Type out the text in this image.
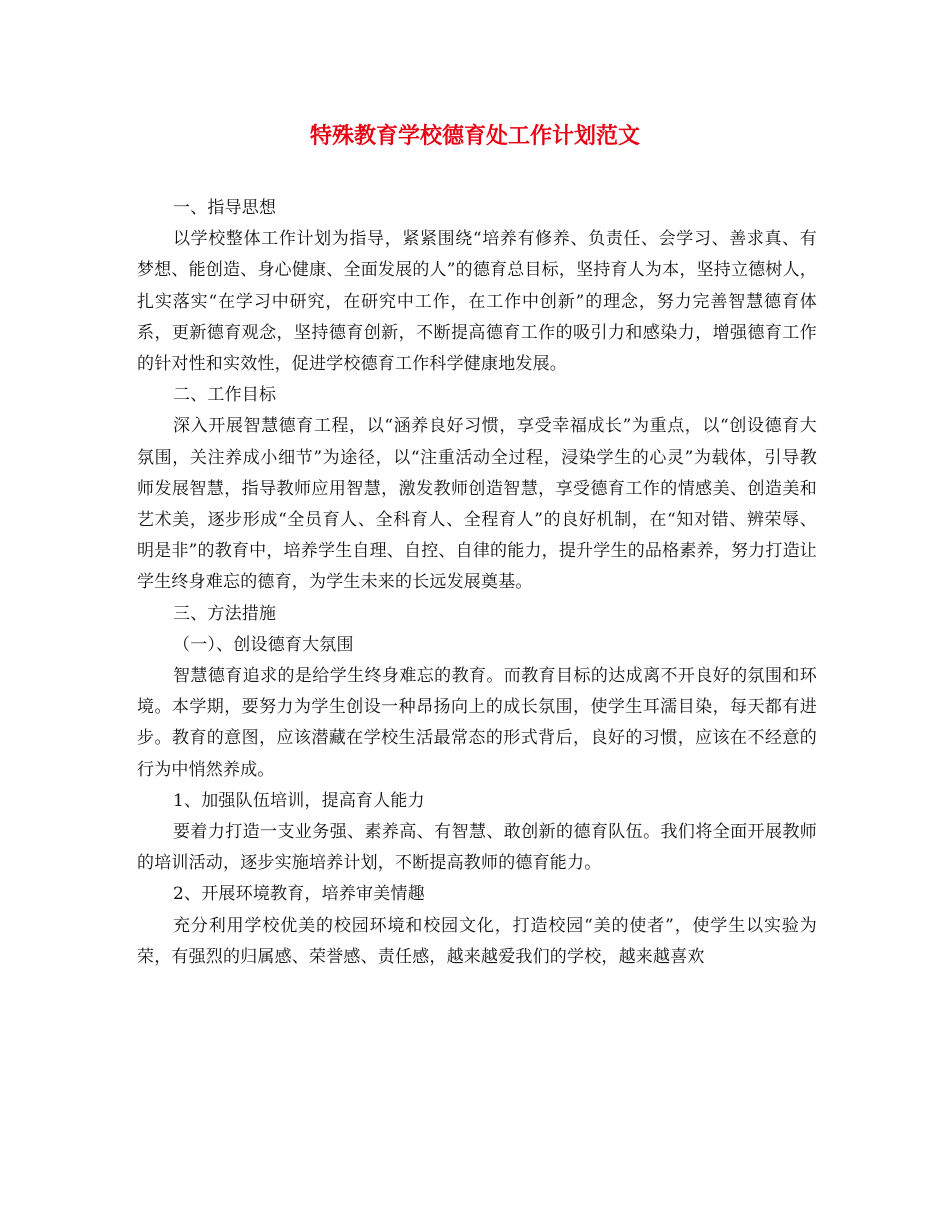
特殊教育学校德育处工作计划范文

一、指导思想

以学校整体工作计划为指导，紧紧围绕“培养有修养、负责任、会学习、善求真、有梦想、能创造、身心健康、全面发展的人”的德育总目标，坚持育人为本，坚持立德树人，扎实落实“在学习中研究，在研究中工作，在工作中创新”的理念，努力完善智慧德育体系，更新德育观念，坚持德育创新，不断提高德育工作的吸引力和感染力，增强德育工作的针对性和实效性，促进学校德育工作科学健康地发展。

二、工作目标

深入开展智慧德育工程，以“涵养良好习惯，享受幸福成长”为重点，以“创设德育大氛围，关注养成小细节”为途径，以“注重活动全过程，浸染学生的心灵”为载体，引导教师发展智慧，指导教师应用智慧，激发教师创造智慧，享受德育工作的情感美、创造美和艺术美，逐步形成“全员育人、全科育人、全程育人”的良好机制，在“知对错、辨荣辱、明是非”的教育中，培养学生自理、自控、自律的能力，提升学生的品格素养，努力打造让学生终身难忘的德育，为学生未来的长远发展奠基。

三、方法措施

（一）、创设德育大氛围

智慧德育追求的是给学生终身难忘的教育。而教育目标的达成离不开良好的氛围和环境。本学期，要努力为学生创设一种昂扬向上的成长氛围，使学生耳濡目染，每天都有进步。教育的意图，应该潜藏在学校生活最常态的形式背后，良好的习惯，应该在不经意的行为中悄然养成。

1、加强队伍培训，提高育人能力

要着力打造一支业务强、素养高、有智慧、敢创新的德育队伍。我们将全面开展教师的培训活动，逐步实施培养计划，不断提高教师的德育能力。

2、开展环境教育，培养审美情趣

充分利用学校优美的校园环境和校园文化，打造校园“美的使者”，使学生以实验为荣，有强烈的归属感、荣誉感、责任感，越来越爱我们的学校，越来越喜欢
